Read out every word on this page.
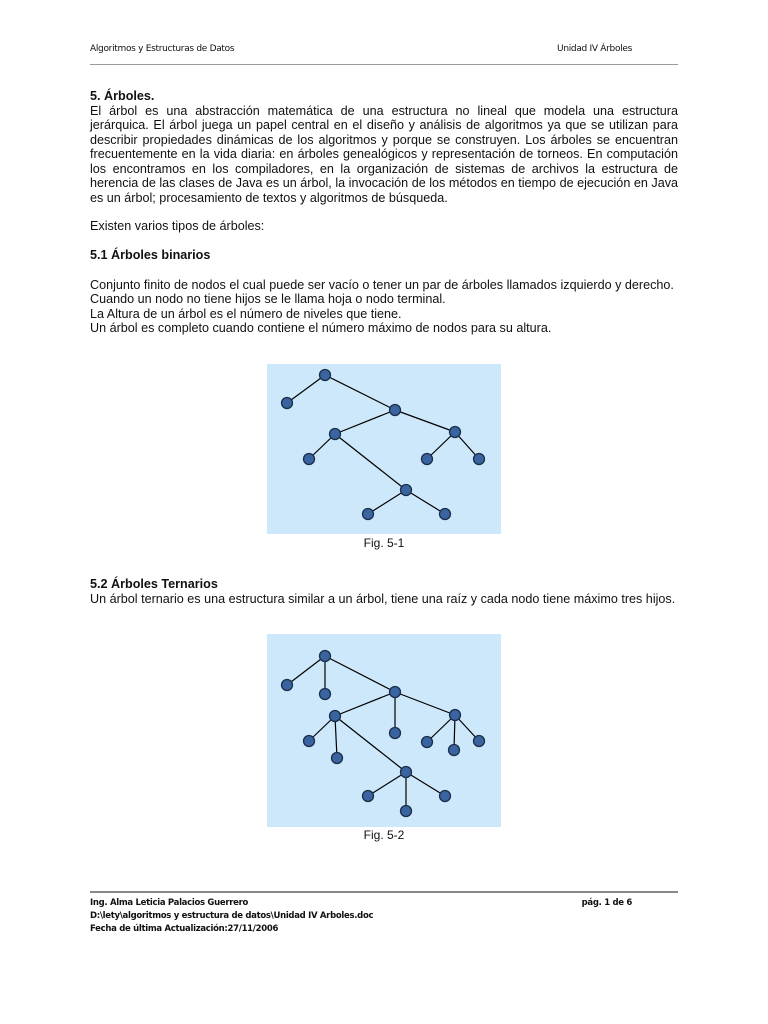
Algoritmos y Estructuras de Datos	Unidad IV Árboles

5. Árboles.

El árbol es una abstracción matemática de una estructura no lineal que modela una estructura jerárquica. El árbol juega un papel central en el diseño y análisis de algoritmos ya que se utilizan para describir propiedades dinámicas de los algoritmos y porque se construyen. Los árboles se encuentran frecuentemente en la vida diaria: en árboles genealógicos y representación de torneos. En computación los encontramos en los compiladores, en la organización de sistemas de archivos la estructura de herencia de las clases de Java es un árbol, la invocación de los métodos en tiempo de ejecución en Java es un árbol; procesamiento de textos y algoritmos de búsqueda.

Existen varios tipos de árboles:

5.1 Árboles binarios

Conjunto finito de nodos el cual puede ser vacío o tener un par de árboles llamados izquierdo y derecho.
Cuando un nodo no tiene hijos se le llama hoja o nodo terminal.
La Altura de un árbol es el número de niveles que tiene.
Un árbol es completo cuando contiene el número máximo de nodos para su altura.
Fig. 5-1

5.2 Árboles Ternarios

Un árbol ternario es una estructura similar a un árbol, tiene una raíz y cada nodo tiene máximo tres hijos.
Fig. 5-2
Ing. Alma Leticia Palacios Guerrero
D:\lety\algoritmos y estructura de datos\Unidad IV Arboles.doc
Fecha de última Actualización:27/11/2006
pág. 1 de 6
